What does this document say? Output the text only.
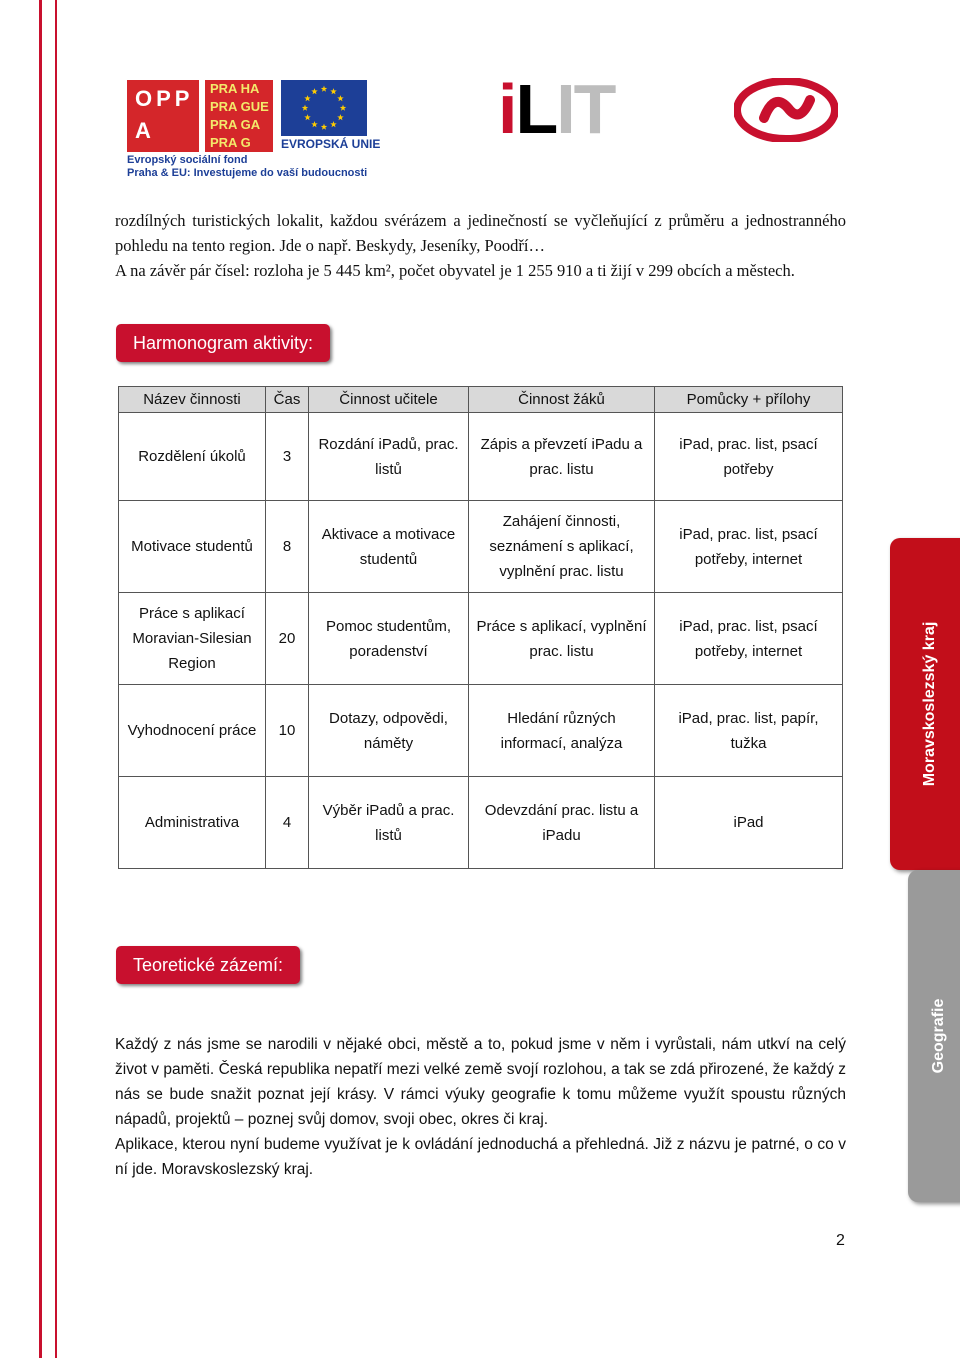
OPP
A
PRA HA
PRA GUE
PRA GA
PRA G	EVROPSKÁ UNIE
Evropský sociální fond
Praha & EU: Investujeme do vaší budoucnosti
iLIT

rozdílných turistických lokalit, každou svérázem a jedinečností se vyčleňující z průměru a jednostranného pohledu na tento region. Jde o např. Beskydy, Jeseníky, Poodří…

A na závěr pár čísel: rozloha je 5 445 km², počet obyvatel je 1 255 910 a ti žijí v 299 obcích a městech.

Harmonogram aktivity:
Název činnosti	Čas	Činnost učitele	Činnost žáků	Pomůcky + přílohy
Rozdělení úkolů	3	Rozdání iPadů, prac. listů	Zápis a převzetí iPadu a prac. listu	iPad, prac. list, psací potřeby
Motivace studentů	8	Aktivace a motivace studentů	Zahájení činnosti, seznámení s aplikací, vyplnění prac. listu	iPad, prac. list, psací potřeby, internet
Práce s aplikací Moravian-Silesian Region	20	Pomoc studentům, poradenství	Práce s aplikací, vyplnění prac. listu	iPad, prac. list, psací potřeby, internet
Vyhodnocení práce	10	Dotazy, odpovědi, náměty	Hledání různých informací, analýza	iPad, prac. list, papír, tužka
Administrativa	4	Výběr iPadů a prac. listů	Odevzdání prac. listu a iPadu	iPad
Teoretické zázemí:

Každý z nás jsme se narodili v nějaké obci, městě a to, pokud jsme v něm i vyrůstali, nám utkví na celý život v paměti. Česká republika nepatří mezi velké země svojí rozlohou, a tak se zdá přirozené, že každý z nás se bude snažit poznat její krásy. V rámci výuky geografie k tomu můžeme využít spoustu různých nápadů, projektů – poznej svůj domov, svoji obec, okres či kraj.

Aplikace, kterou nyní budeme využívat je k ovládání jednoduchá a přehledná. Již z názvu je patrné, o co v ní jde. Moravskoslezský kraj.

Moravskoslezský kraj
Geografie
2
